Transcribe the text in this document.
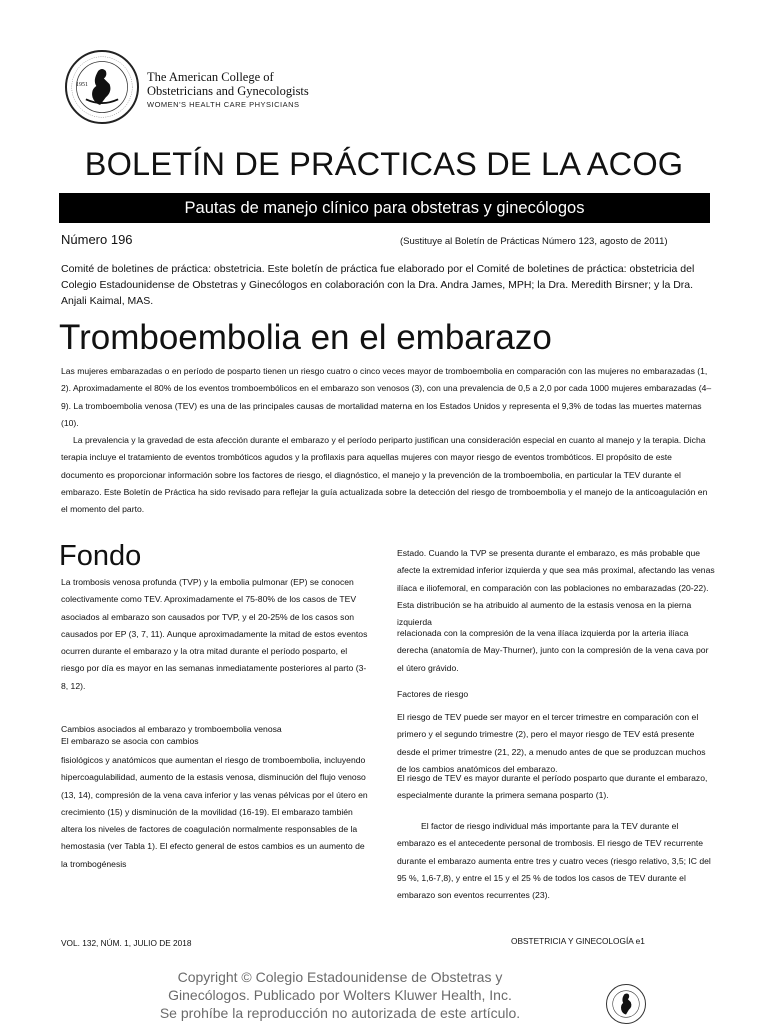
1951
The American College of
Obstetricians and Gynecologists
WOMEN'S HEALTH CARE PHYSICIANS
BOLETÍN DE PRÁCTICAS DE LA ACOG
Pautas de manejo clínico para obstetras y ginecólogos
Número 196	(Sustituye al Boletín de Prácticas Número 123, agosto de 2011)
Comité de boletines de práctica: obstetricia. Este boletín de práctica fue elaborado por el Comité de boletines de práctica: obstetricia del Colegio Estadounidense de Obstetras y Ginecólogos en colaboración con la Dra. Andra James, MPH; la Dra. Meredith Birsner; y la Dra. Anjali Kaimal, MAS.
Tromboembolia en el embarazo

Las mujeres embarazadas o en período de posparto tienen un riesgo cuatro o cinco veces mayor de tromboembolia en comparación con las mujeres no embarazadas (1, 2). Aproximadamente el 80% de los eventos tromboembólicos en el embarazo son venosos (3), con una prevalencia de 0,5 a 2,0 por cada 1000 mujeres embarazadas (4–9). La tromboembolia venosa (TEV) es una de las principales causas de mortalidad materna en los Estados Unidos y representa el 9,3% de todas las muertes maternas (10).

La prevalencia y la gravedad de esta afección durante el embarazo y el período periparto justifican una consideración especial en cuanto al manejo y la terapia. Dicha terapia incluye el tratamiento de eventos trombóticos agudos y la profilaxis para aquellas mujeres con mayor riesgo de eventos trombóticos. El propósito de este documento es proporcionar información sobre los factores de riesgo, el diagnóstico, el manejo y la prevención de la tromboembolia, en particular la TEV durante el embarazo. Este Boletín de Práctica ha sido revisado para reflejar la guía actualizada sobre la detección del riesgo de tromboembolia y el manejo de la anticoagulación en el momento del parto.

Fondo
La trombosis venosa profunda (TVP) y la embolia pulmonar (EP) se conocen colectivamente como TEV. Aproximadamente el 75-80% de los casos de TEV asociados al embarazo son causados por TVP, y el 20-25% de los casos son causados por EP (3, 7, 11). Aunque aproximadamente la mitad de estos eventos ocurren durante el embarazo y la otra mitad durante el período posparto, el riesgo por día es mayor en las semanas inmediatamente posteriores al parto (3-8, 12).
Cambios asociados al embarazo y tromboembolia venosa
El embarazo se asocia con cambios
fisiológicos y anatómicos que aumentan el riesgo de tromboembolia, incluyendo hipercoagulabilidad, aumento de la estasis venosa, disminución del flujo venoso (13, 14), compresión de la vena cava inferior y las venas pélvicas por el útero en crecimiento (15) y disminución de la movilidad (16-19). El embarazo también altera los niveles de factores de coagulación normalmente responsables de la hemostasia (ver Tabla 1). El efecto general de estos cambios es un aumento de la trombogénesis
Estado. Cuando la TVP se presenta durante el embarazo, es más probable que afecte la extremidad inferior izquierda y que sea más proximal, afectando las venas ilíaca e iliofemoral, en comparación con las poblaciones no embarazadas (20-22). Esta distribución se ha atribuido al aumento de la estasis venosa en la pierna izquierda
relacionada con la compresión de la vena ilíaca izquierda por la arteria ilíaca derecha (anatomía de May-Thurner), junto con la compresión de la vena cava por el útero grávido.
Factores de riesgo
El riesgo de TEV puede ser mayor en el tercer trimestre en comparación con el primero y el segundo trimestre (2), pero el mayor riesgo de TEV está presente desde el primer trimestre (21, 22), a menudo antes de que se produzcan muchos de los cambios anatómicos del embarazo.
El riesgo de TEV es mayor durante el período posparto que durante el embarazo, especialmente durante la primera semana posparto (1).
El factor de riesgo individual más importante para la TEV durante el embarazo es el antecedente personal de trombosis. El riesgo de TEV recurrente durante el embarazo aumenta entre tres y cuatro veces (riesgo relativo, 3,5; IC del 95 %, 1,6-7,8), y entre el 15 y el 25 % de todos los casos de TEV durante el embarazo son eventos recurrentes (23).
VOL. 132, NÚM. 1, JULIO DE 2018	OBSTETRICIA Y GINECOLOGÍA e1
Copyright © Colegio Estadounidense de Obstetras y
Ginecólogos. Publicado por Wolters Kluwer Health, Inc.
Se prohíbe la reproducción no autorizada de este artículo.
